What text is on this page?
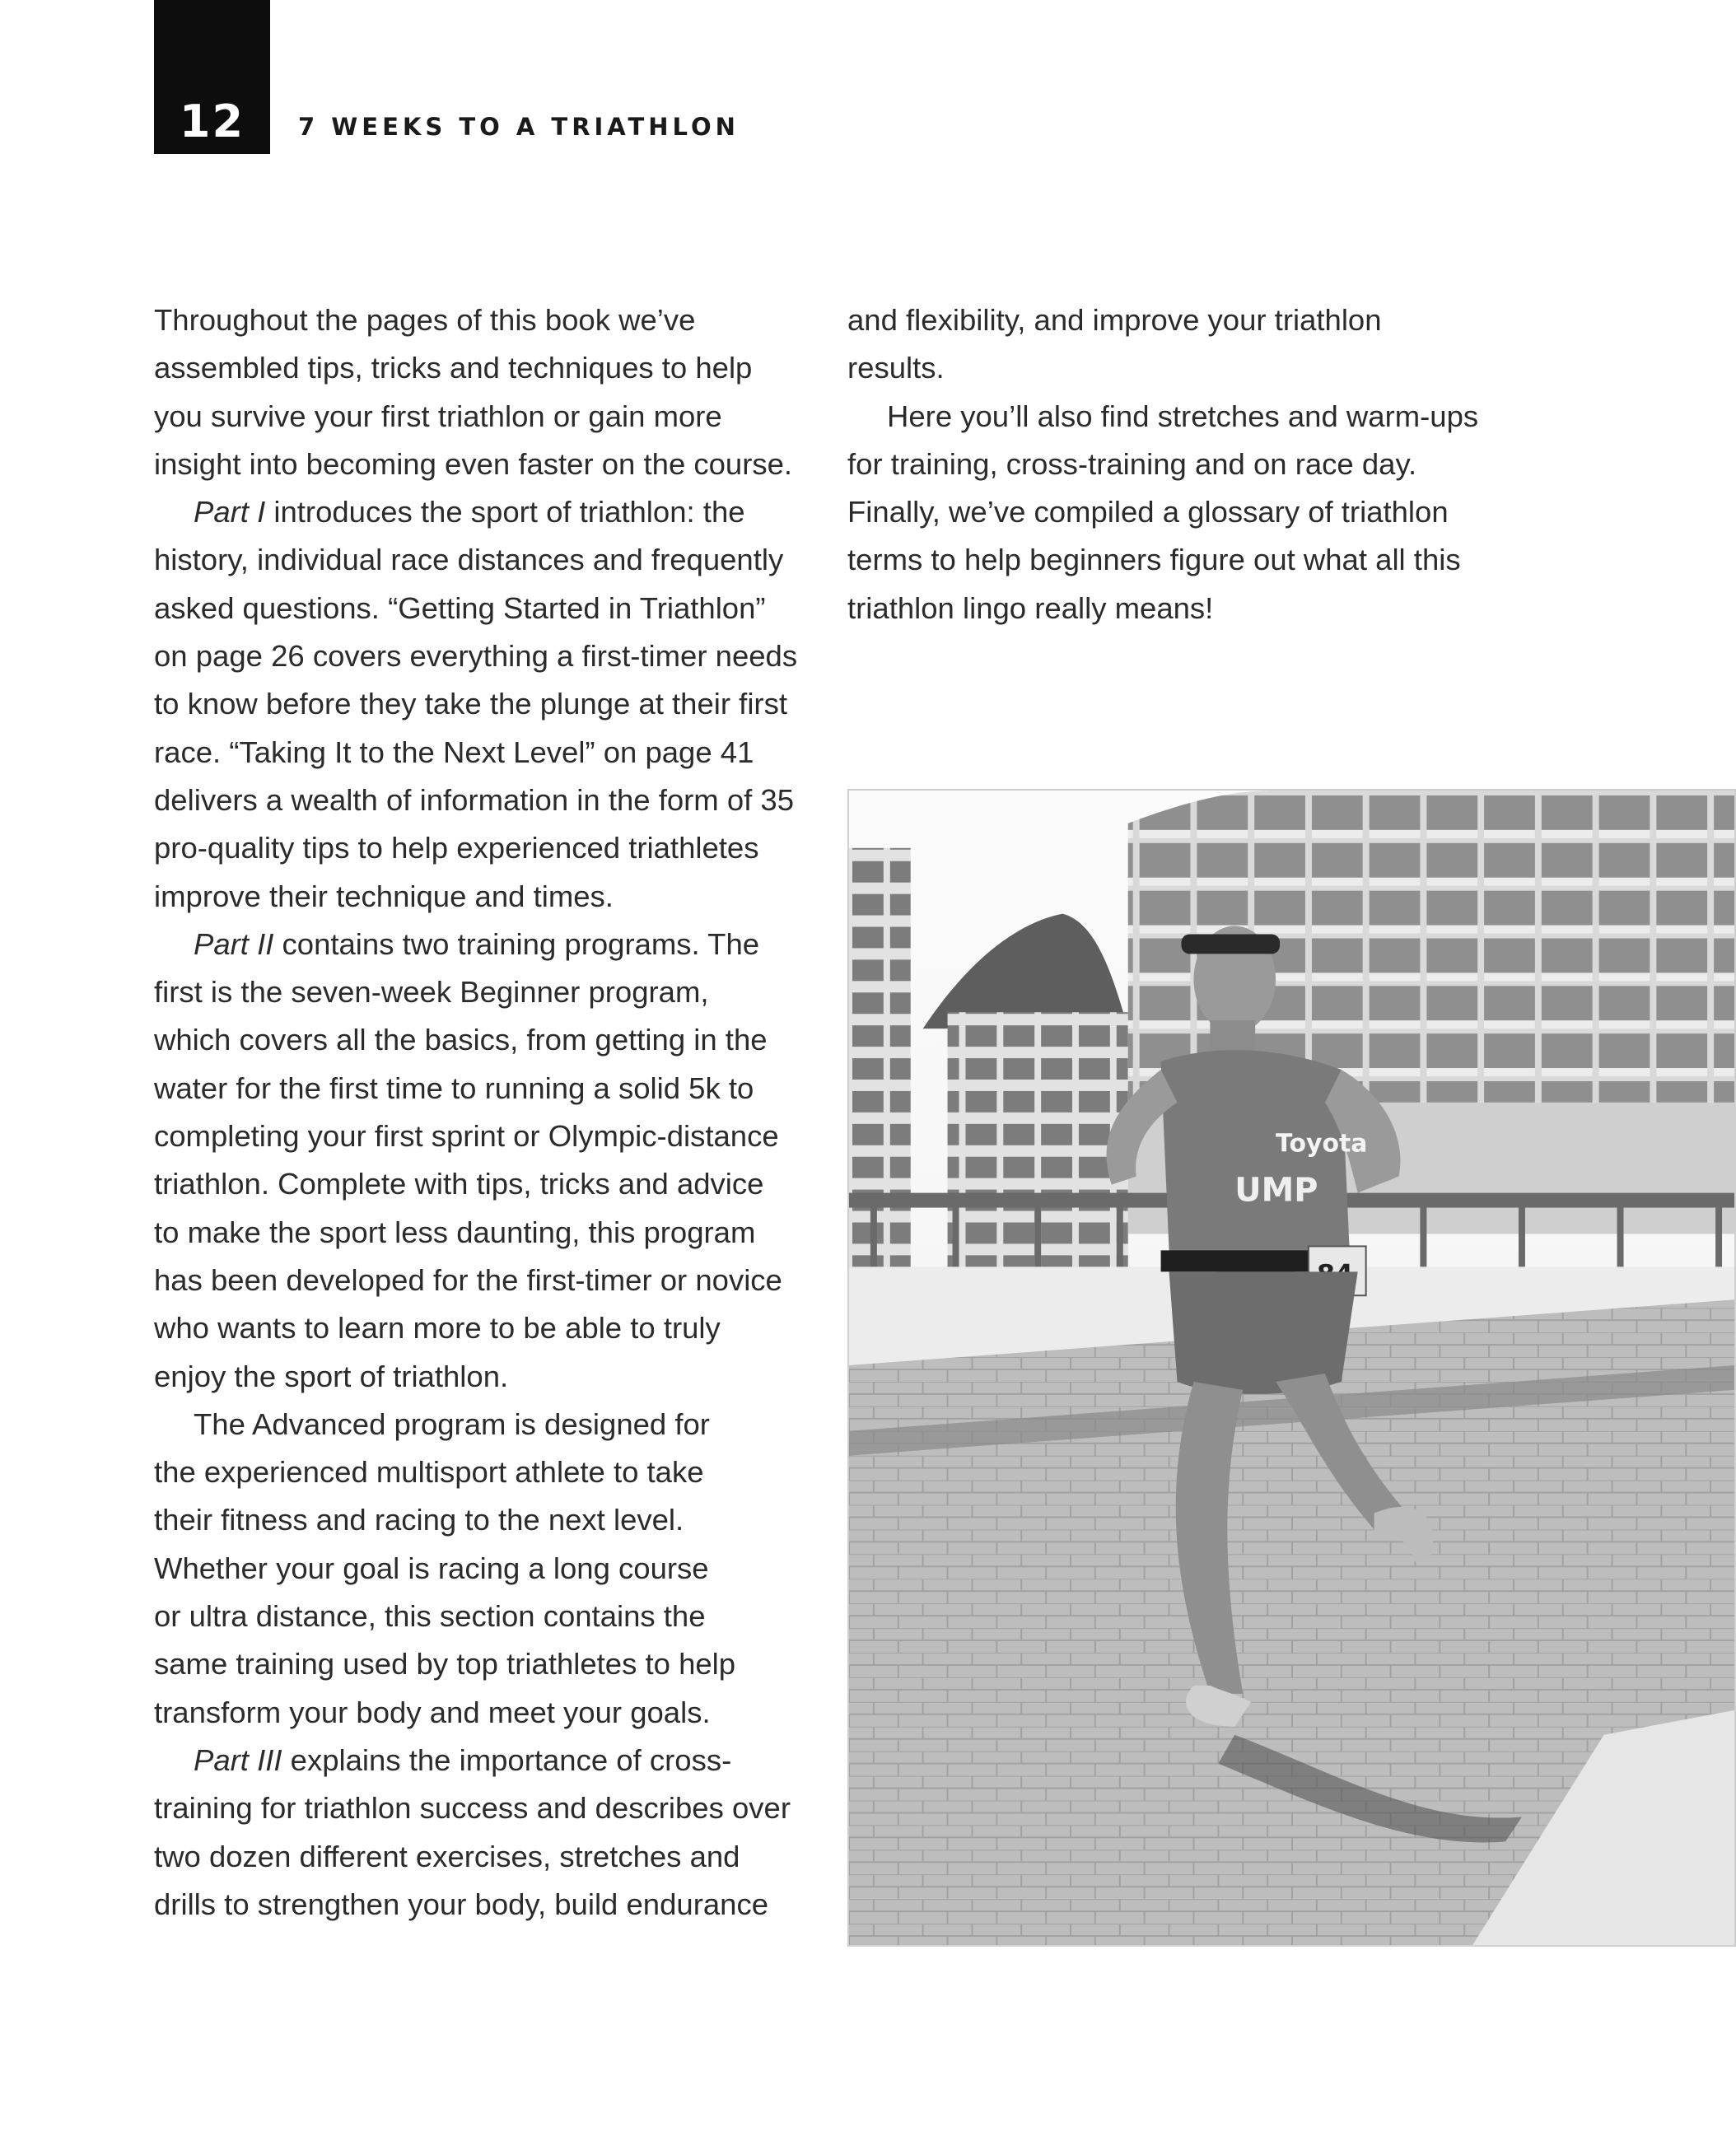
12	7 WEEKS TO A TRIATHLON
Throughout the pages of this book we’ve
assembled tips, tricks and techniques to help
you survive your first triathlon or gain more
insight into becoming even faster on the course.
Part I introduces the sport of triathlon: the
history, individual race distances and frequently
asked questions. “Getting Started in Triathlon”
on page 26 covers everything a first-timer needs
to know before they take the plunge at their first
race. “Taking It to the Next Level” on page 41
delivers a wealth of information in the form of 35
pro-quality tips to help experienced triathletes
improve their technique and times.
Part II contains two training programs. The
first is the seven-week Beginner program,
which covers all the basics, from getting in the
water for the first time to running a solid 5k to
completing your first sprint or Olympic-distance
triathlon. Complete with tips, tricks and advice
to make the sport less daunting, this program
has been developed for the first-timer or novice
who wants to learn more to be able to truly
enjoy the sport of triathlon.
The Advanced program is designed for
the experienced multisport athlete to take
their fitness and racing to the next level.
Whether your goal is racing a long course
or ultra distance, this section contains the
same training used by top triathletes to help
transform your body and meet your goals.
Part III explains the importance of cross-
training for triathlon success and describes over
two dozen different exercises, stretches and
drills to strengthen your body, build endurance
and flexibility, and improve your triathlon
results.
Here you’ll also find stretches and warm-ups
for training, cross-training and on race day.
Finally, we’ve compiled a glossary of triathlon
terms to help beginners figure out what all this
triathlon lingo really means!
Toyota
UMP
